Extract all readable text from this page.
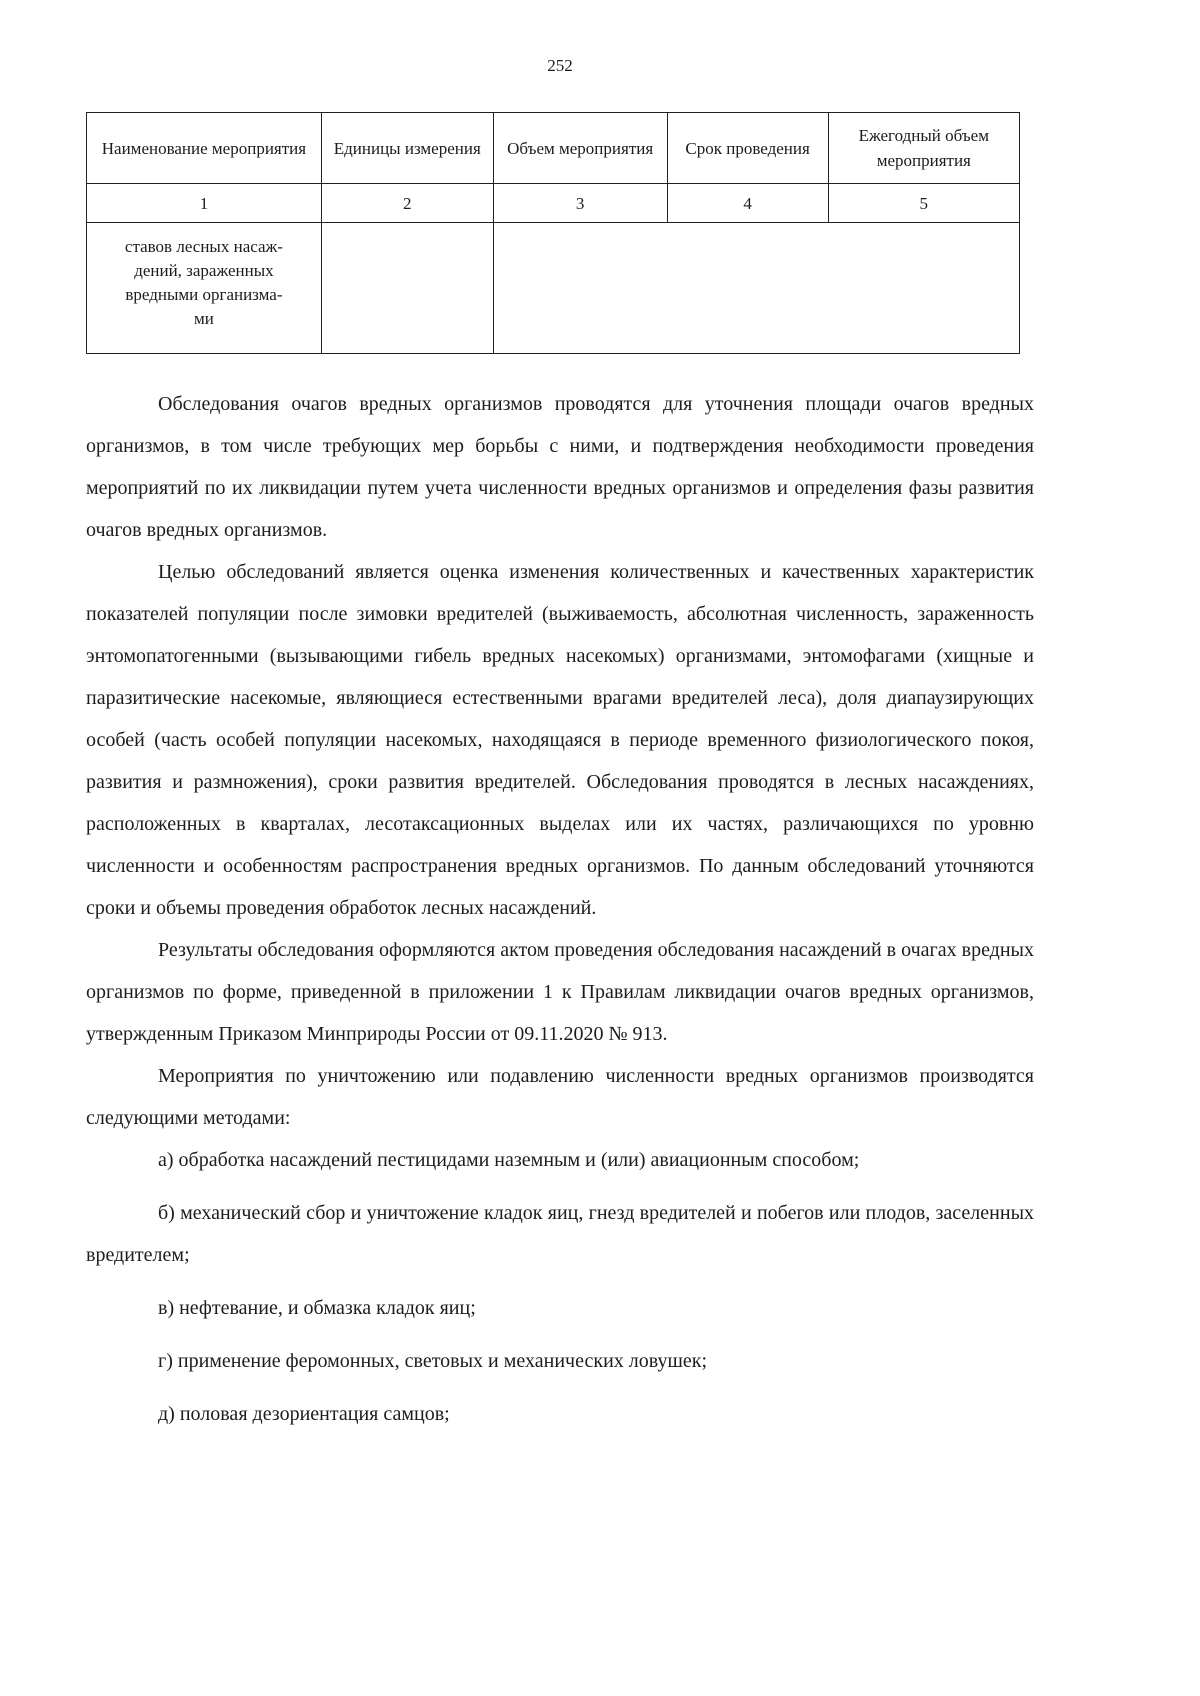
252
Наименование мероприятия	Единицы измерения	Объем мероприятия	Срок проведения	Ежегодный объем мероприятия
1	2	3	4	5
ставов лесных насаж-
дений, зараженных
вредными организма-
ми				

Обследования очагов вредных организмов проводятся для уточнения площади очагов вредных организмов, в том числе требующих мер борьбы с ними, и подтверждения необходимости проведения мероприятий по их ликвидации путем учета численности вредных организмов и определения фазы развития очагов вредных организмов.

Целью обследований является оценка изменения количественных и качественных характеристик показателей популяции после зимовки вредителей (выживаемость, абсолютная численность, зараженность энтомопатогенными (вызывающими гибель вредных насекомых) организмами, энтомофагами (хищные и паразитические насекомые, являющиеся естественными врагами вредителей леса), доля диапаузирующих особей (часть особей популяции насекомых, находящаяся в периоде временного физиологического покоя, развития и размножения), сроки развития вредителей. Обследования проводятся в лесных насаждениях, расположенных в кварталах, лесотаксационных выделах или их частях, различающихся по уровню численности и особенностям распространения вредных организмов. По данным обследований уточняются сроки и объемы проведения обработок лесных насаждений.

Результаты обследования оформляются актом проведения обследования насаждений в очагах вредных организмов по форме, приведенной в приложении 1 к Правилам ликвидации очагов вредных организмов, утвержденным Приказом Минприроды России от 09.11.2020 № 913.

Мероприятия по уничтожению или подавлению численности вредных организмов производятся следующими методами:

а) обработка насаждений пестицидами наземным и (или) авиационным способом;

б) механический сбор и уничтожение кладок яиц, гнезд вредителей и побегов или плодов, заселенных вредителем;

в) нефтевание, и обмазка кладок яиц;

г) применение феромонных, световых и механических ловушек;

д) половая дезориентация самцов;
